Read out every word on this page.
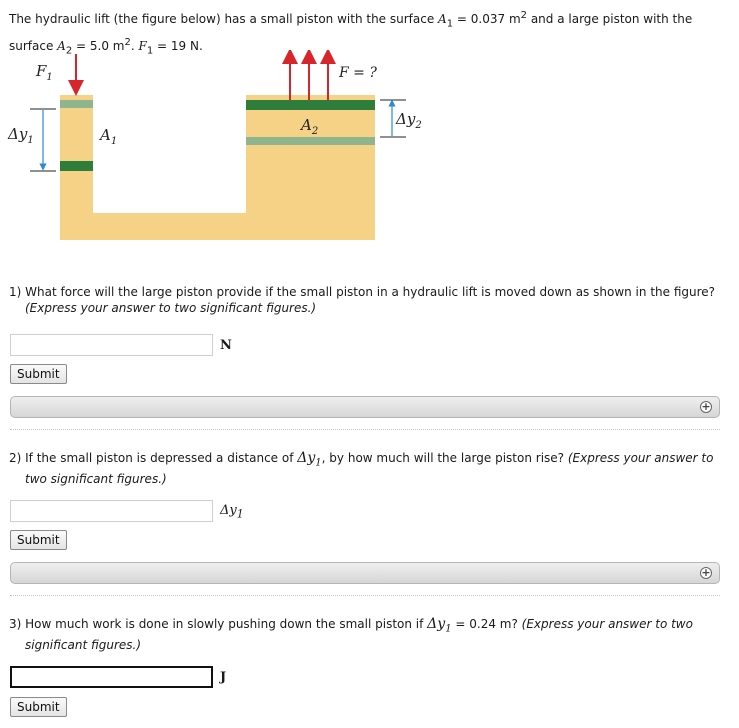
The hydraulic lift (the figure below) has a small piston with the surface $A_1 = 0.037$ $m^2$ and a large piston with the
surface $A_2 = 5.0$ $m^2$. $F_1 = 19$ N.
$F_1$	F = ?
$A_1$
$A_2$
$\Delta y_1$
$\Delta y_2$
1) What force will the large piston provide if the small piston in a hydraulic lift is moved down as shown in the figure?
(Express your answer to two significant figures.)
N
Submit
+
2) If the small piston is depressed a distance of $\Delta y_1$, by how much will the large piston rise? (Express your answer to
two significant figures.)
$\Delta y_1$
Submit
+
3) How much work is done in slowly pushing down the small piston if $\Delta y_1 = 0.24$ m? (Express your answer to two
significant figures.)
J
Submit
